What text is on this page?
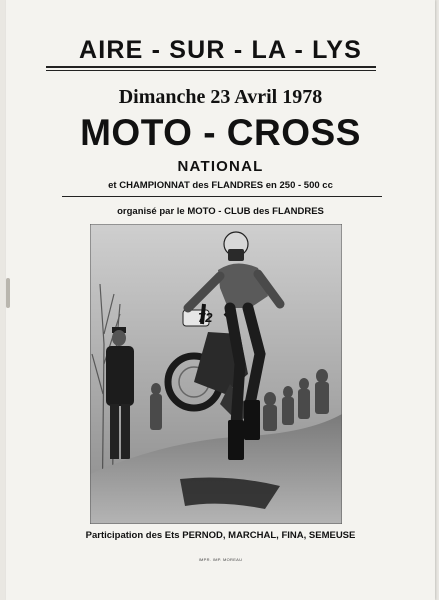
AIRE - SUR - LA - LYS
Dimanche 23 Avril 1978
MOTO - CROSS
NATIONAL
et CHAMPIONNAT des FLANDRES en 250 - 500 cc
organisé par le MOTO - CLUB des FLANDRES
72
Participation des Ets PERNOD, MARCHAL, FINA, SEMEUSE
IMPR. IMP. MOREAU
